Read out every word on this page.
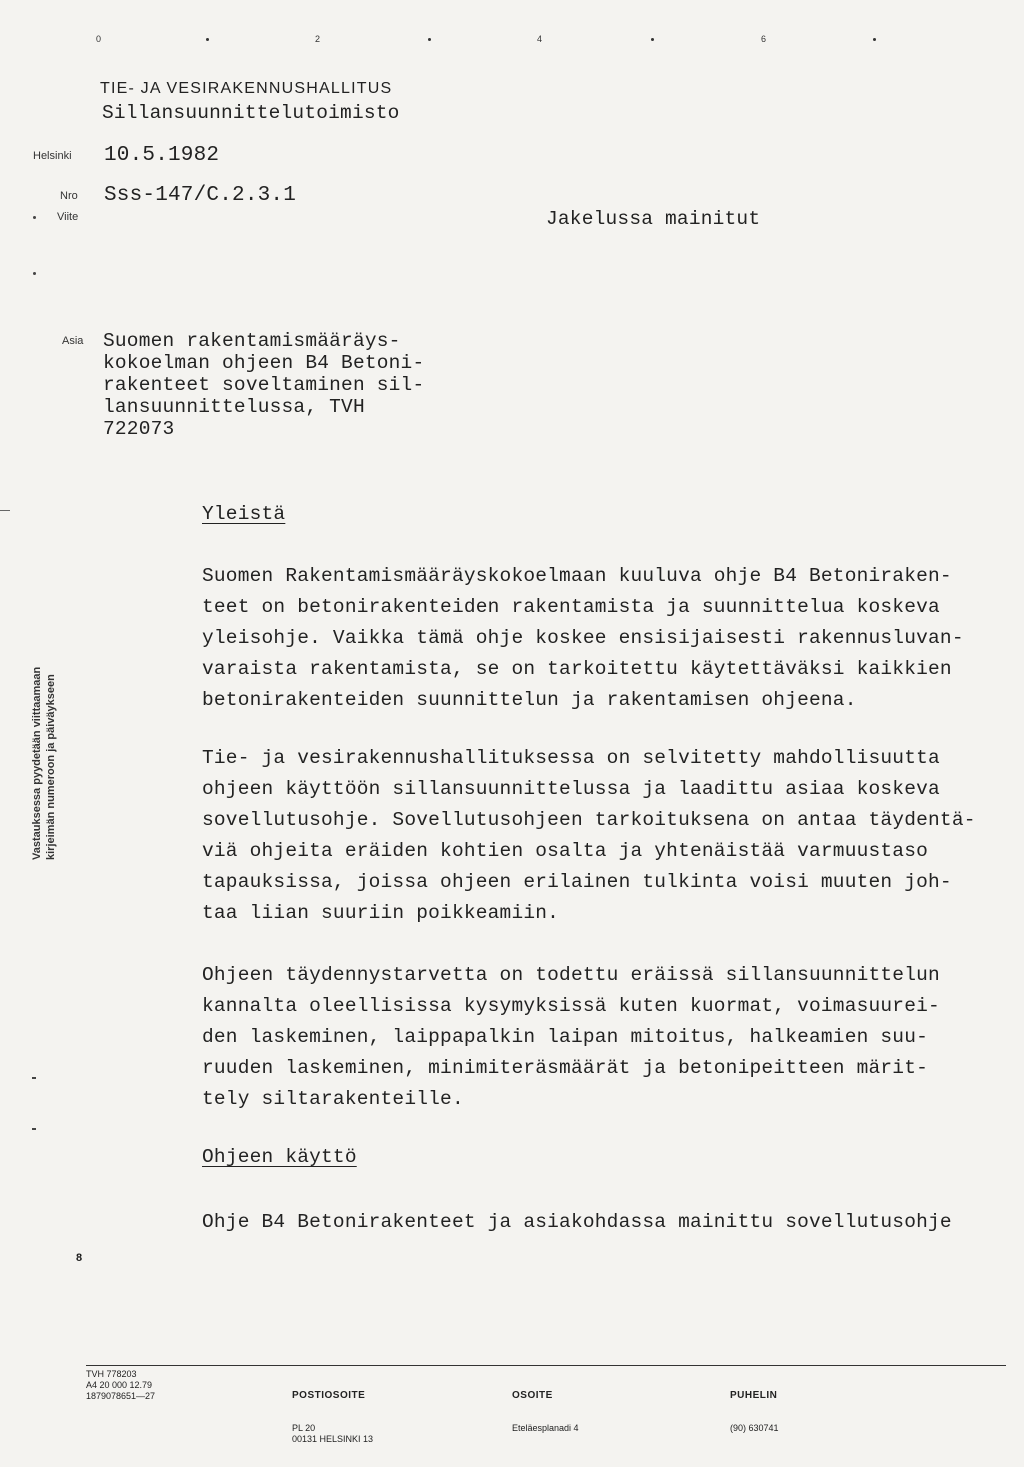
0	2	4	6
TIE- JA VESIRAKENNUSHALLITUS
Sillansuunnittelutoimisto
Helsinki 10.5.1982
Nro Sss-147/C.2.3.1
Viite	Jakelussa mainitut
Asia Suomen rakentamismääräys-
kokoelman ohjeen B4 Betoni-
rakenteet soveltaminen sil-
lansuunnittelussa, TVH
722073
Vastauksessa pyydetään viittaamaan
kirjeimän numeroon ja päiväykseen
Yleistä
Suomen Rakentamismääräyskokoelmaan kuuluva ohje B4 Betoniraken-
teet on betonirakenteiden rakentamista ja suunnittelua koskeva
yleisohje. Vaikka tämä ohje koskee ensisijaisesti rakennusluvan-
varaista rakentamista, se on tarkoitettu käytettäväksi kaikkien
betonirakenteiden suunnittelun ja rakentamisen ohjeena.
Tie- ja vesirakennushallituksessa on selvitetty mahdollisuutta
ohjeen käyttöön sillansuunnittelussa ja laadittu asiaa koskeva
sovellutusohje. Sovellutusohjeen tarkoituksena on antaa täydentä-
viä ohjeita eräiden kohtien osalta ja yhtenäistää varmuustaso
tapauksissa, joissa ohjeen erilainen tulkinta voisi muuten joh-
taa liian suuriin poikkeamiin.
Ohjeen täydennystarvetta on todettu eräissä sillansuunnittelun
kannalta oleellisissa kysymyksissä kuten kuormat, voimasuurei-
den laskeminen, laippapalkin laipan mitoitus, halkeamien suu-
ruuden laskeminen, minimiteräsmäärät ja betonipeitteen märit-
tely siltarakenteille.
Ohjeen käyttö
Ohje B4 Betonirakenteet ja asiakohdassa mainittu sovellutusohje
8
TVH 778203
A4 20 000 12.79
1879078651—27

	POSTIOSOITE

PL 20
00131 HELSINKI 13

OSOITE

Eteläesplanadi 4

PUHELIN

(90) 630741
